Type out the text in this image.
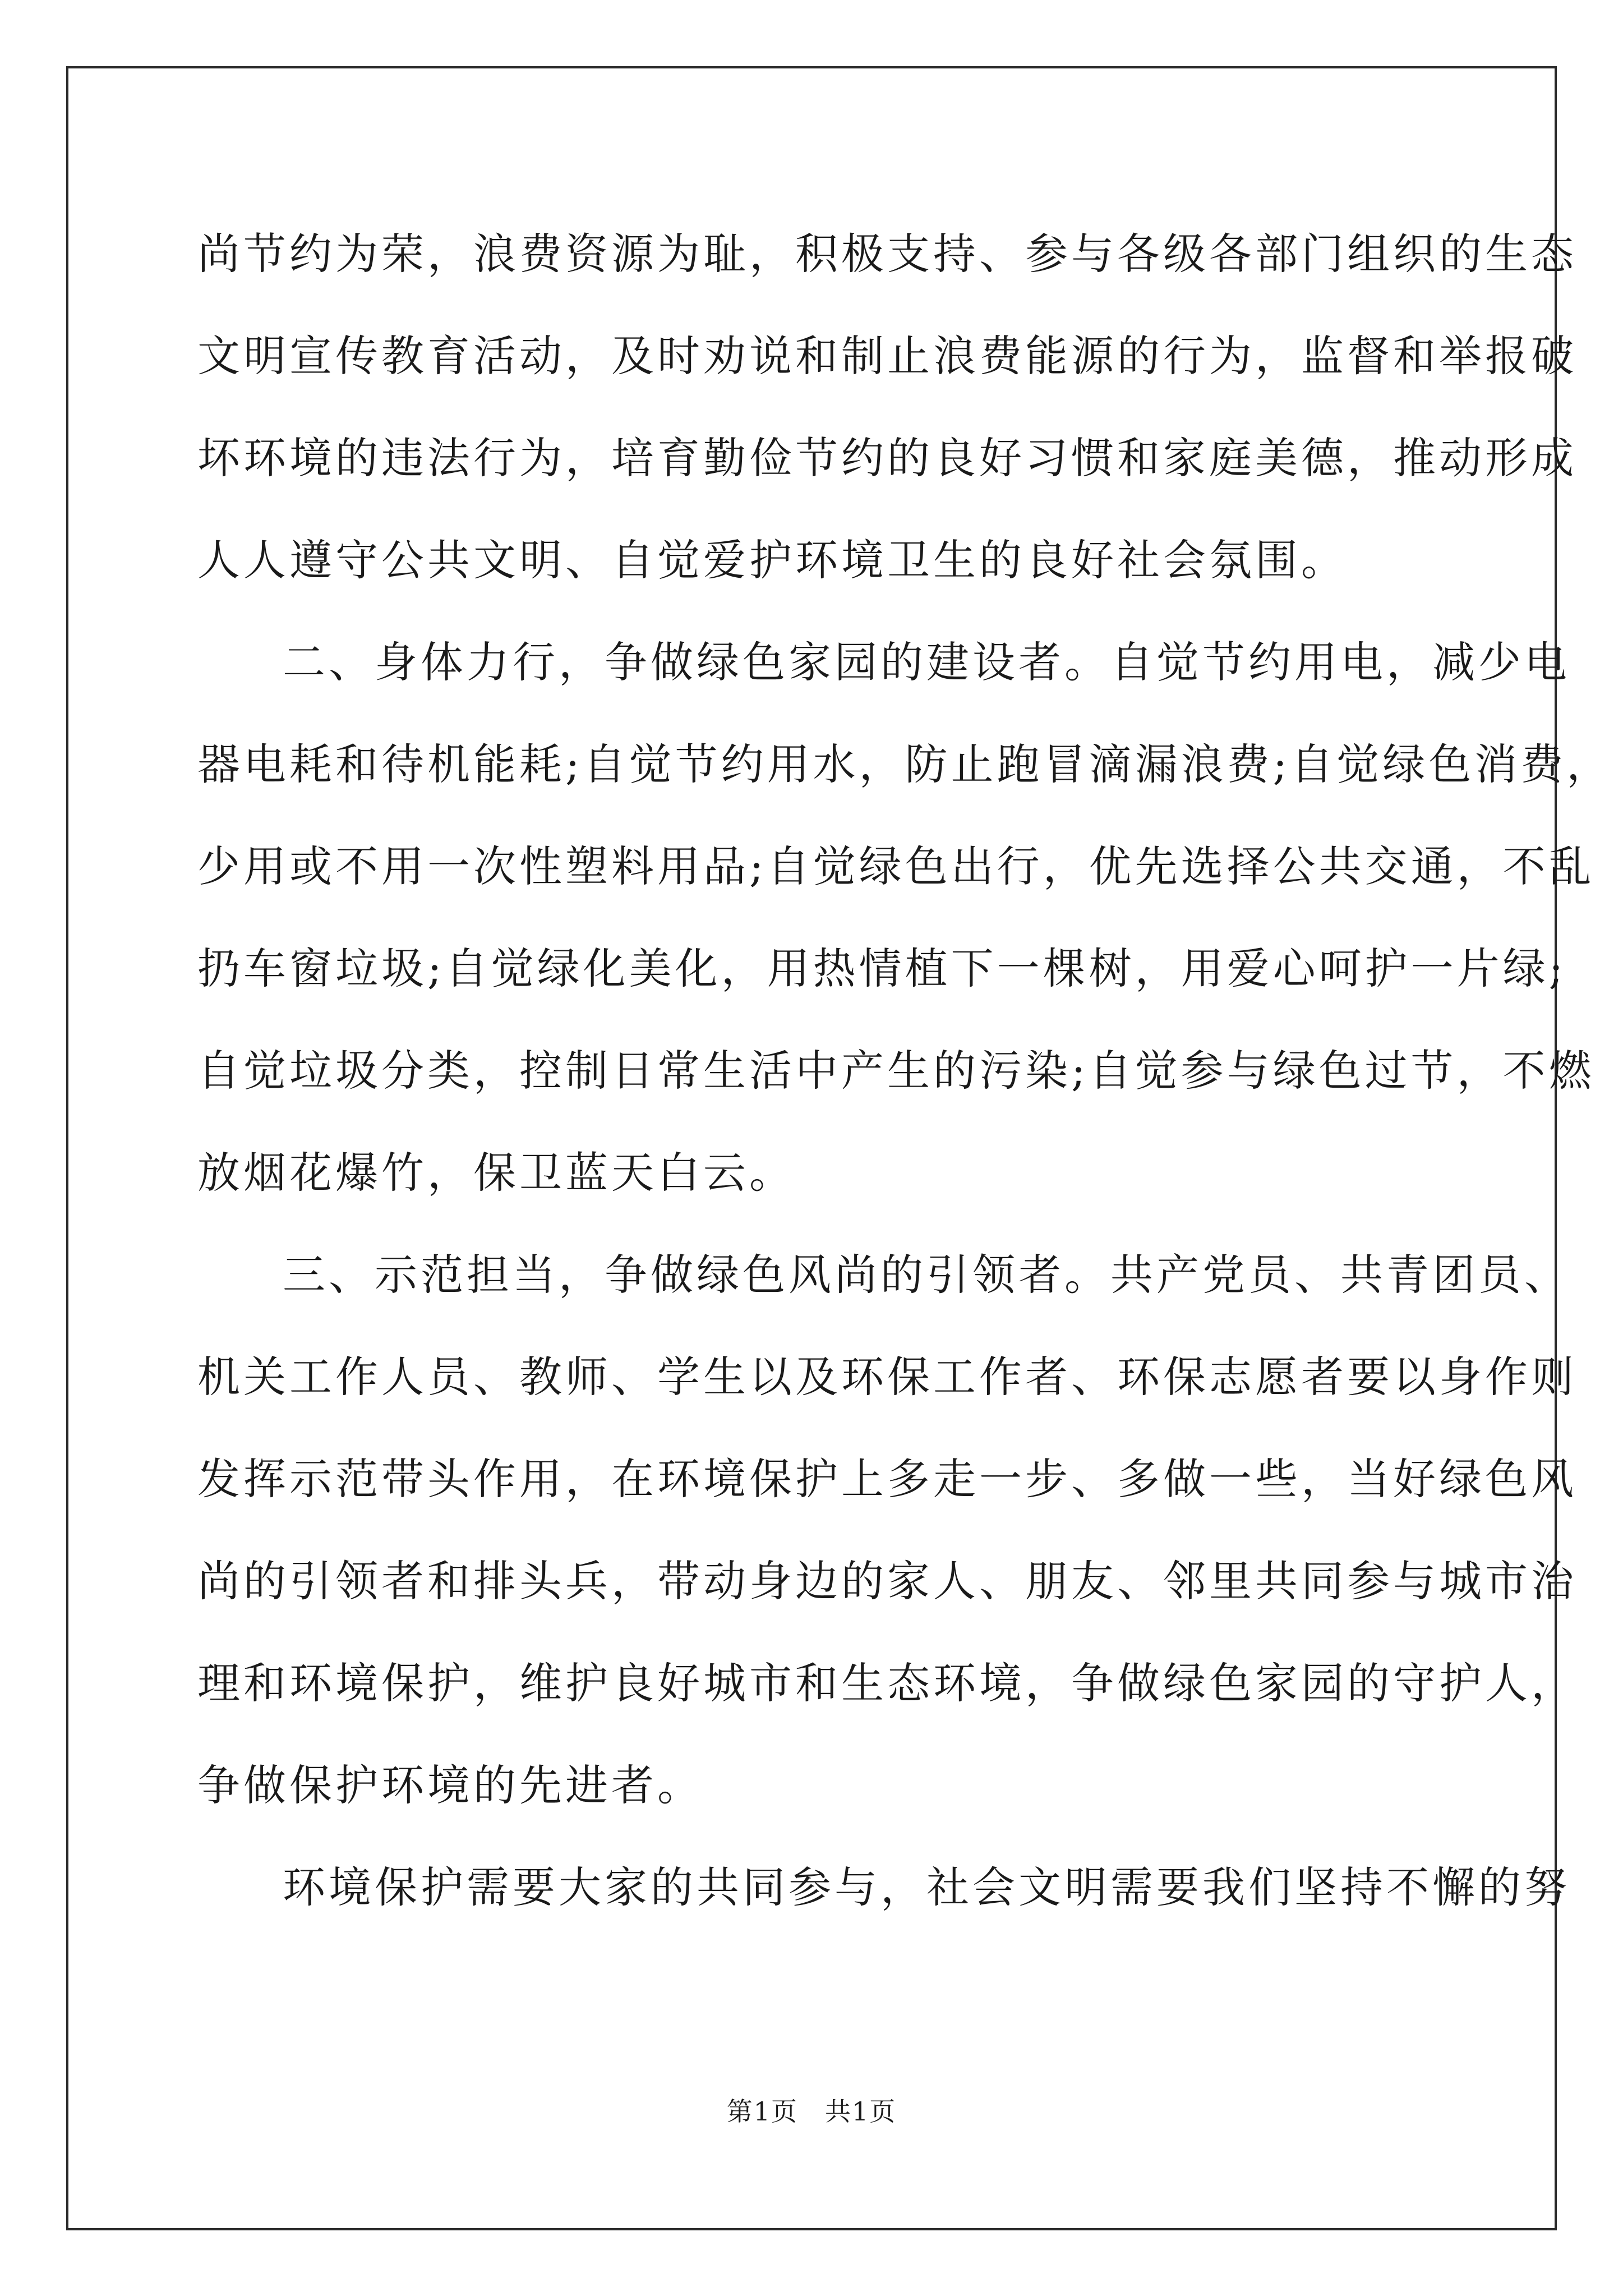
尚节约为荣，浪费资源为耻，积极支持、参与各级各部门组织的生态
文明宣传教育活动，及时劝说和制止浪费能源的行为，监督和举报破
坏环境的违法行为，培育勤俭节约的良好习惯和家庭美德，推动形成
人人遵守公共文明、自觉爱护环境卫生的良好社会氛围。
二、身体力行，争做绿色家园的建设者。自觉节约用电，减少电
器电耗和待机能耗;自觉节约用水，防止跑冒滴漏浪费;自觉绿色消费，
少用或不用一次性塑料用品;自觉绿色出行，优先选择公共交通，不乱
扔车窗垃圾;自觉绿化美化，用热情植下一棵树，用爱心呵护一片绿;
自觉垃圾分类，控制日常生活中产生的污染;自觉参与绿色过节，不燃
放烟花爆竹，保卫蓝天白云。
三、示范担当，争做绿色风尚的引领者。共产党员、共青团员、
机关工作人员、教师、学生以及环保工作者、环保志愿者要以身作则
发挥示范带头作用，在环境保护上多走一步、多做一些，当好绿色风
尚的引领者和排头兵，带动身边的家人、朋友、邻里共同参与城市治
理和环境保护，维护良好城市和生态环境，争做绿色家园的守护人，
争做保护环境的先进者。
环境保护需要大家的共同参与，社会文明需要我们坚持不懈的努
第1页 共1页
